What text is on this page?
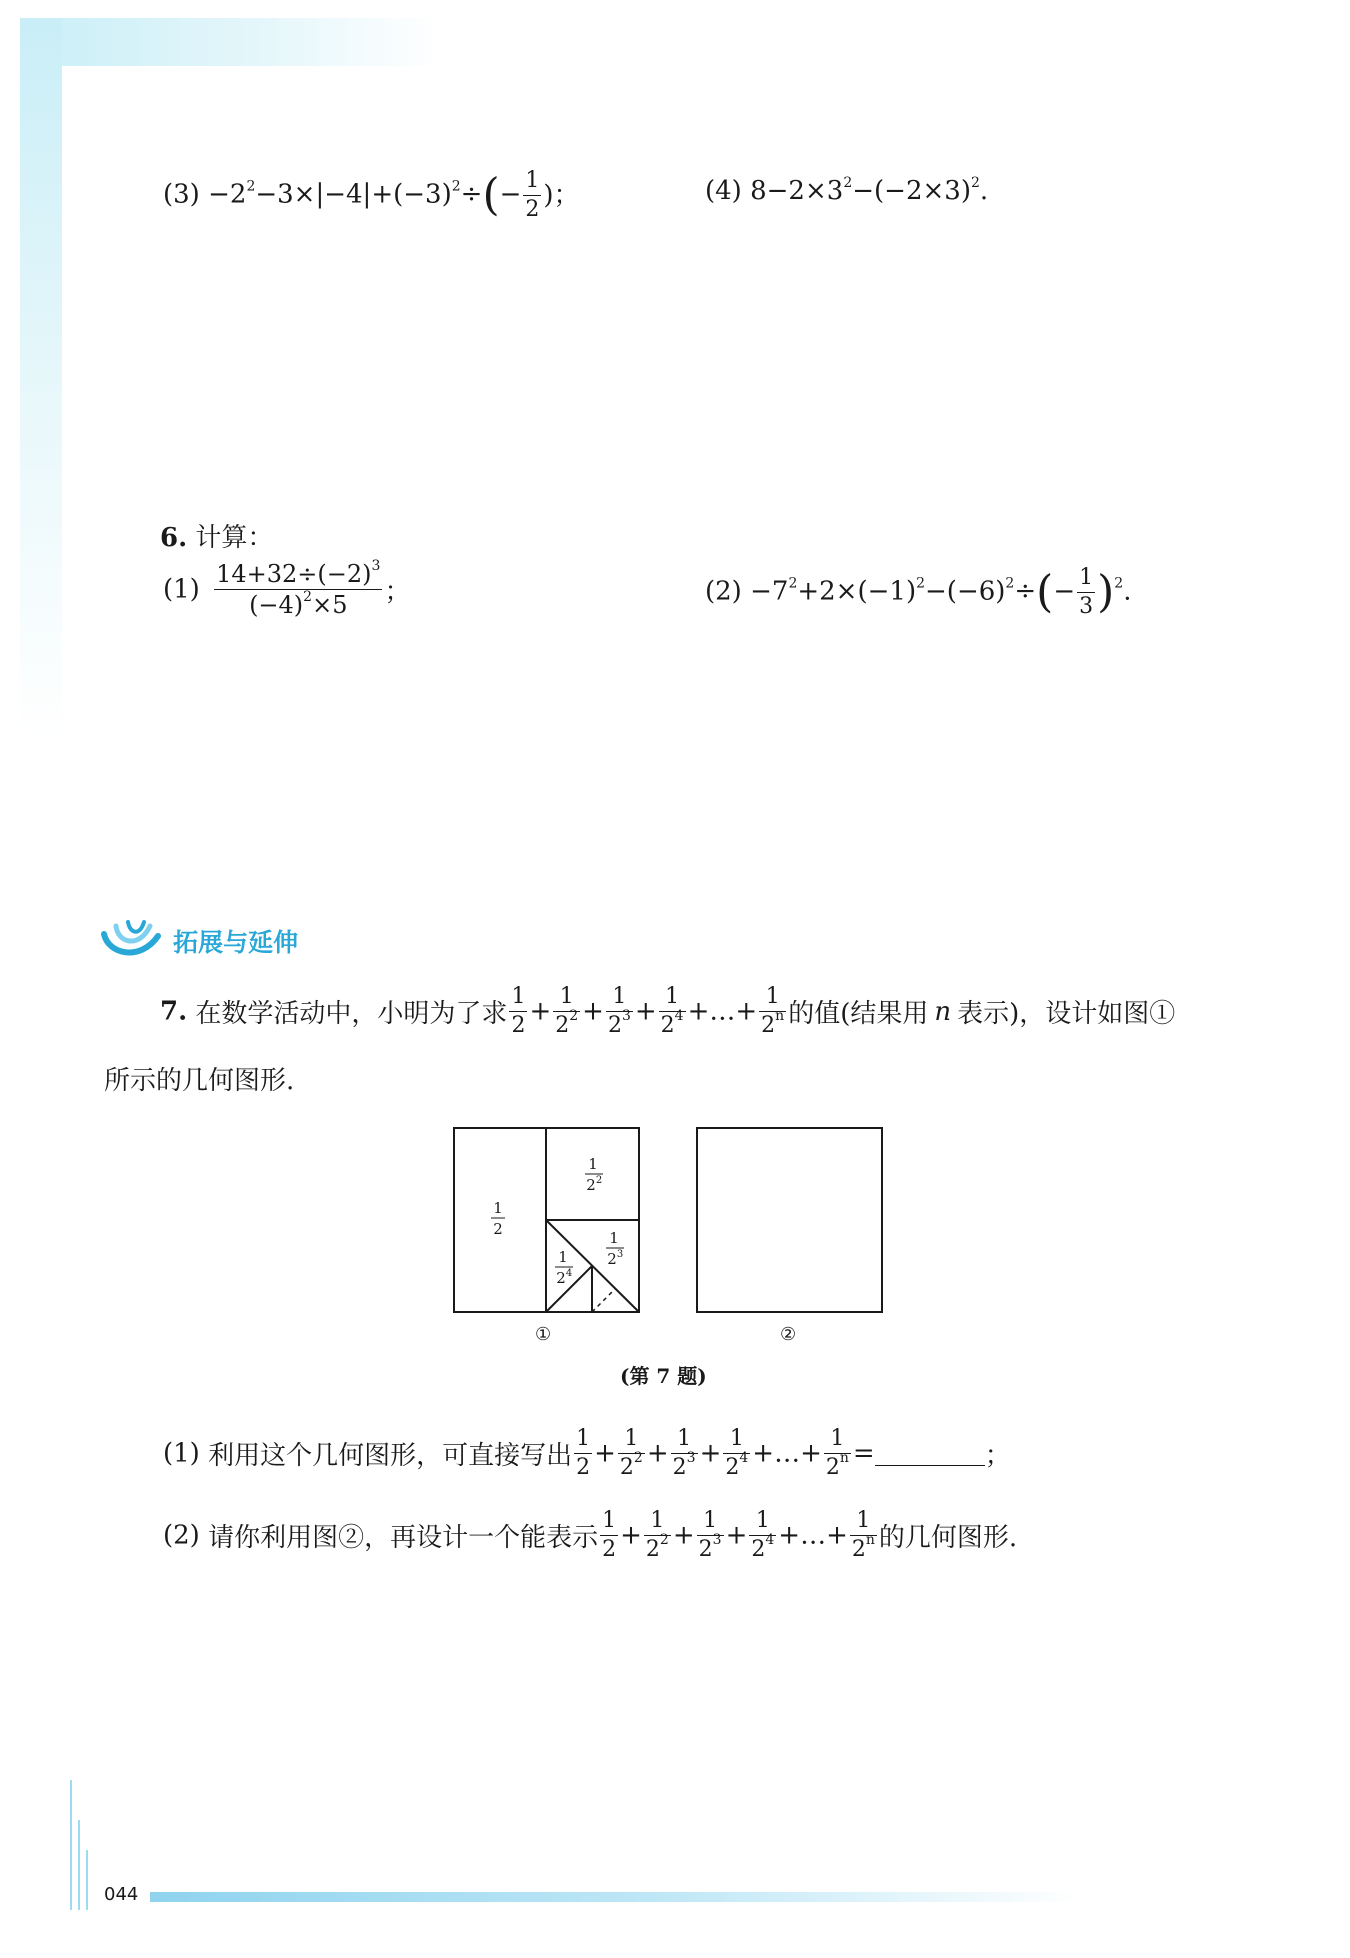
$(3) -2^2-3\times|-4|+(-3)^2\div(- \frac{1}{2}$ )；	(4) $8-2\times 3^2-(-2\times 3)^2$.
6. 计算：
$(1) \frac{14+32\div(-2)^3}{(-4)^2\times 5}$ ；	$(2) -7^2+2\times(-1)^2-(-6)^2\div(- \frac{1}{3} )^2$.
拓展与延伸
7. 在数学活动中，小明为了求 $\frac{1}{2} + \frac{1}{2^2} + \frac{1}{2^3} + \frac{1}{2^4}$ +…+ $\frac{1}{2^n}$ 的值(结果用 n 表示)，设计如图①
所示的几何图形.
1
2
1
2 2
1
2 3
1
2 4
①	②
(第 7 题)
(1) 利用这个几何图形，可直接写出 $\frac{1}{2} + \frac{1}{2^2} + \frac{1}{2^3} + \frac{1}{2^4}$ +…+ $\frac{1}{2^n}$ =	；
(2) 请你利用图②，再设计一个能表示 $\frac{1}{2} + \frac{1}{2^2} + \frac{1}{2^3} + \frac{1}{2^4}$ +…+ $\frac{1}{2^n}$ 的几何图形.
044
